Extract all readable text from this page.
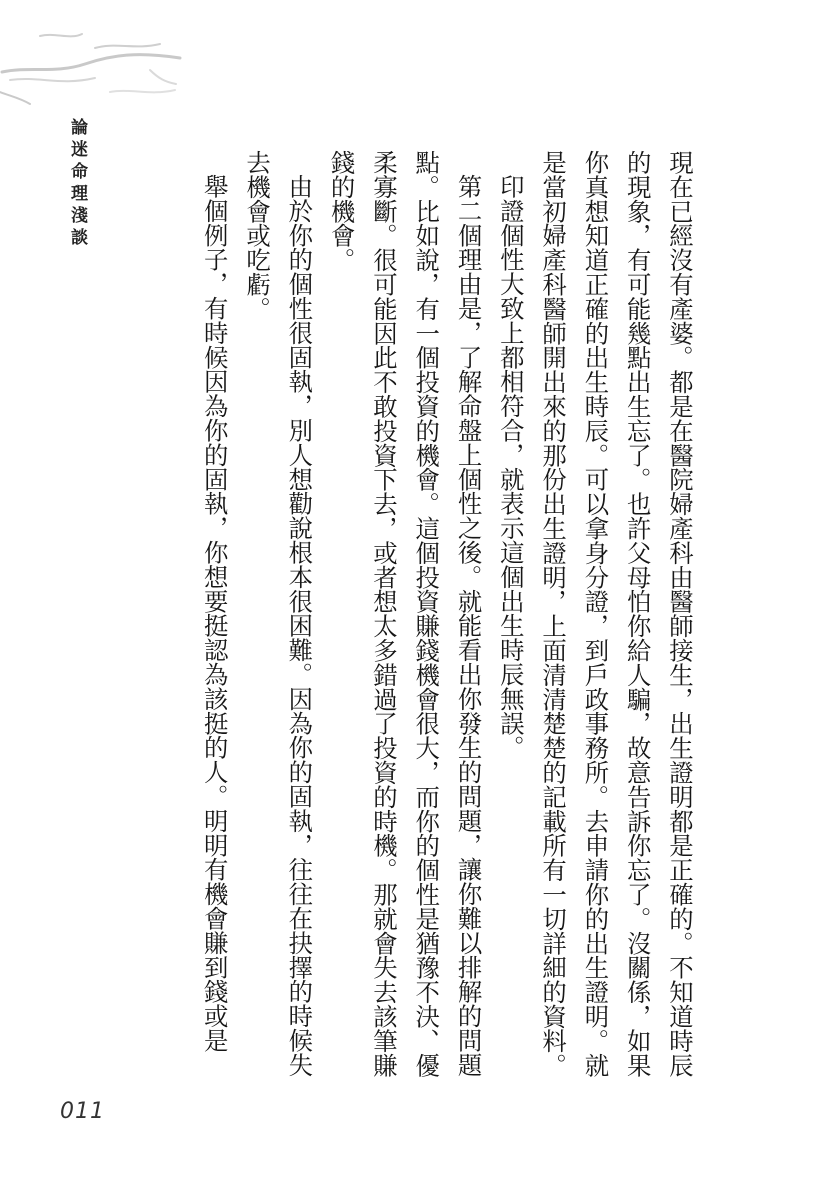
論迷命理淺談	現在已經沒有產婆。都是在醫院婦產科由醫師接生，出生證明都是正確的。不知道時辰的現象，有可能幾點出生忘了。也許父母怕你給人騙，故意告訴你忘了。沒關係，如果你真想知道正確的出生時辰。可以拿身分證，到戶政事務所。去申請你的出生證明。就是當初婦產科醫師開出來的那份出生證明，上面清清楚楚的記載所有一切詳細的資料。

印證個性大致上都相符合，就表示這個出生時辰無誤。

第二個理由是，了解命盤上個性之後。就能看出你發生的問題，讓你難以排解的問題點。比如說，有一個投資的機會。這個投資賺錢機會很大，而你的個性是猶豫不決、優柔寡斷。很可能因此不敢投資下去，或者想太多錯過了投資的時機。那就會失去該筆賺錢的機會。

由於你的個性很固執，別人想勸說根本很困難。因為你的固執，往往在抉擇的時候失去機會或吃虧。

舉個例子，有時候因為你的固執，你想要挺認為該挺的人。明明有機會賺到錢或是

011
